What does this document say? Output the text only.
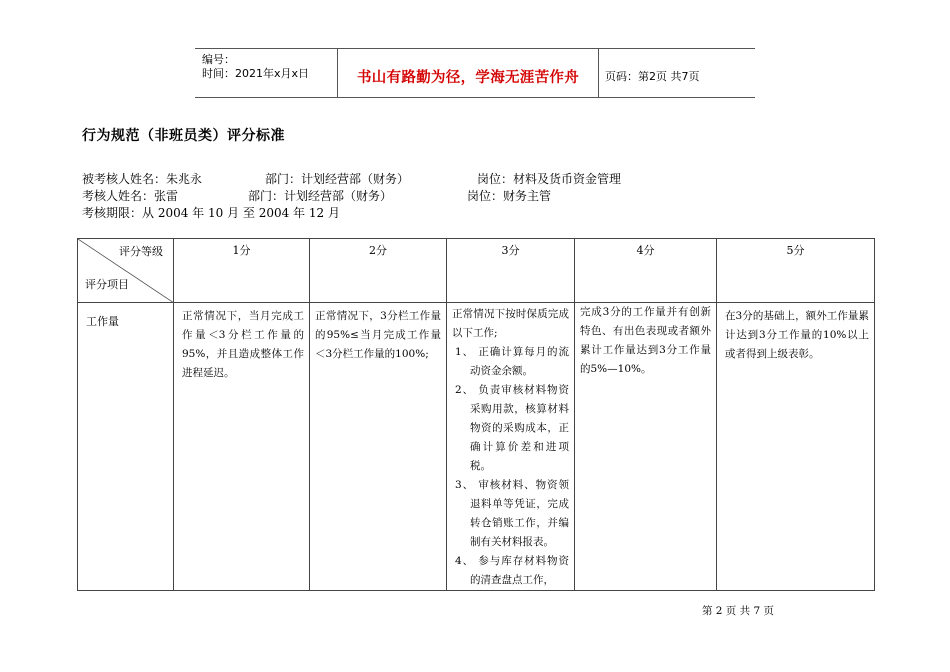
编号：
时间：2021年x月x日	书山有路勤为径，学海无涯苦作舟	页码：第2页 共7页
行为规范（非班员类）评分标准
被考核人姓名：朱兆永	部门：计划经营部（财务）	岗位：材料及货币资金管理
考核人姓名：张雷	部门：计划经营部（财务）	岗位：财务主管
考核期限：从 2004 年 10 月 至 2004 年 12 月
评分等级
评分项目	1分	2分	3分	4分	5分

工作量	正常情况下，当月完成工作量＜3分栏工作量的95%，并且造成整体工作进程延迟。	正常情况下，3分栏工作量的95%≤当月完成工作量＜3分栏工作量的100%;	正常情况下按时保质完成以下工作;
1、 正确计算每月的流动资金余额。
2、 负责审核材料物资采购用款，核算材料物资的采购成本，正确计算价差和进项税。
3、 审核材料、物资领退料单等凭证，完成转仓销账工作，并编制有关材料报表。
4、 参与库存材料物资的清查盘点工作，	完成3分的工作量并有创新特色、有出色表现或者额外累计工作量达到3分工作量的5%—10%。	在3分的基础上，额外工作量累计达到3分工作量的10%以上或者得到上级表彰。
第 2 页 共 7 页
